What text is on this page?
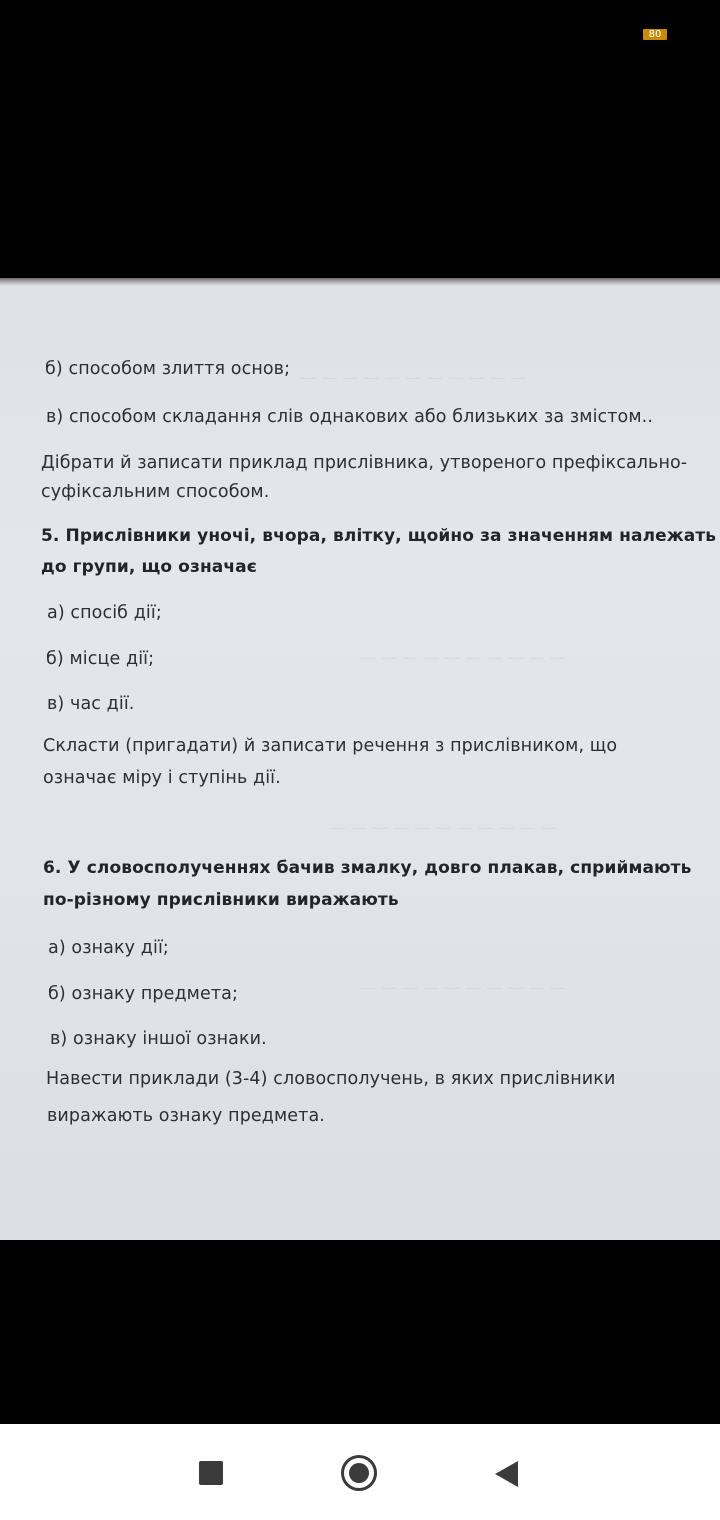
80
— — — — — — — — — — —
— — — — — — — — — —
— — — — — — — — — — —
— — — — — — — — — —
б) способом злиття основ;
в) способом складання слів однакових або близьких за змістом..
Дібрати й записати приклад прислівника, утвореного префіксально-
суфіксальним способом.
5. Прислівники уночі, вчора, влітку, щойно за значенням належать
до групи, що означає
а) спосіб дії;
б) місце дії;
в) час дії.
Скласти (пригадати) й записати речення з прислівником, що
означає міру і ступінь дії.
6. У словосполученнях бачив змалку, довго плакав, сприймають
по-різному прислівники виражають
а) ознаку дії;
б) ознаку предмета;
в) ознаку іншої ознаки.
Навести приклади (3-4) словосполучень, в яких прислівники
виражають ознаку предмета.
